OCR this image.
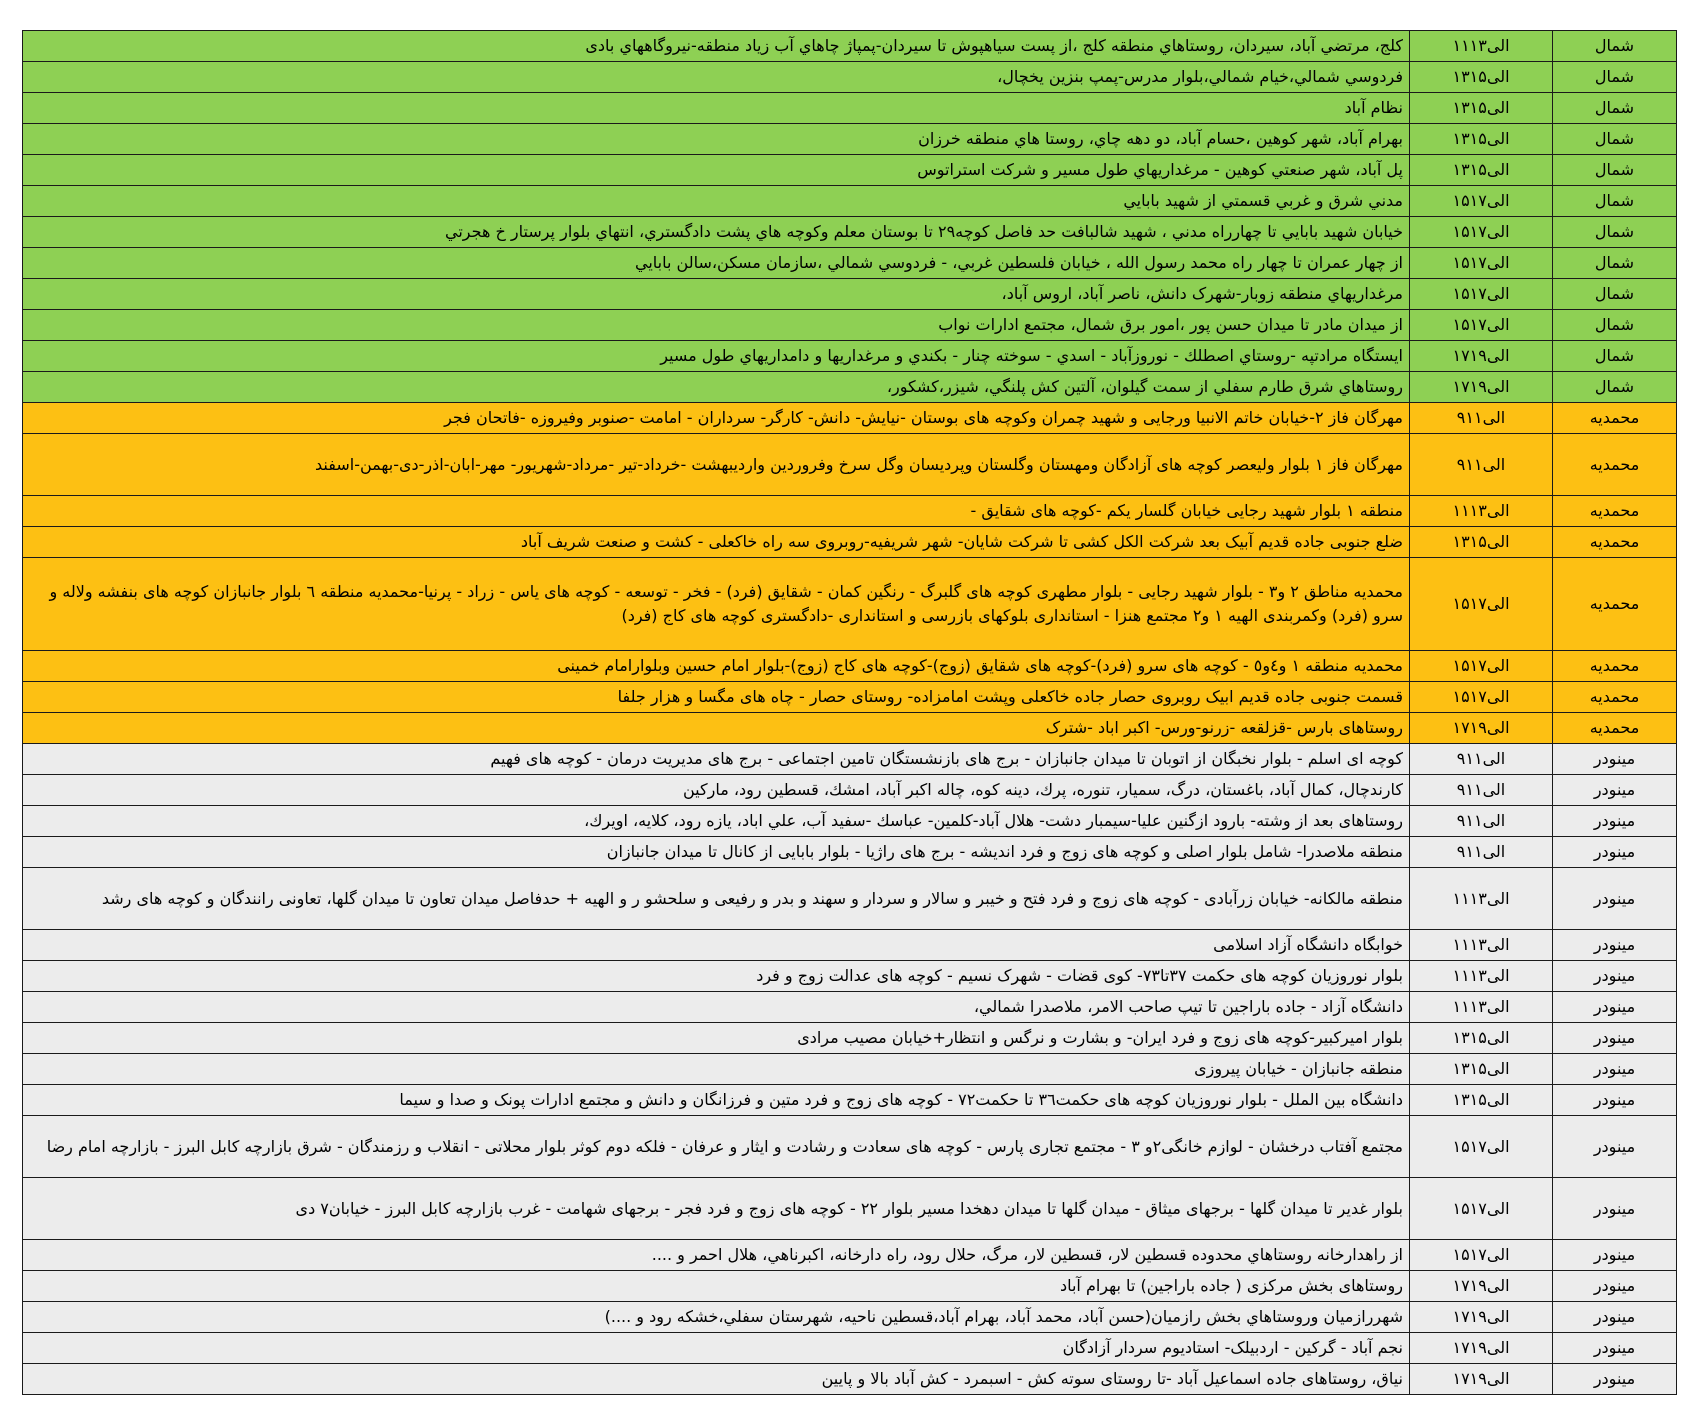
کلج، مرتضي آباد، سيردان، روستاهاي منطقه كلج ،از پست سياهپوش تا سيردان-پمپاژ چاهاي آب زياد منطقه-نيروگاههاي بادی	۱۱الی۱۳	شمال
فردوسي شمالي،خيام شمالي،بلوار مدرس-پمپ بنزين يخچال،	۱۳الی۱۵	شمال
نظام آباد	۱۳الی۱۵	شمال
بهرام آباد، شهر كوهين ،حسام آباد، دو دهه چاي، روستا هاي منطقه خرزان	۱۳الی۱۵	شمال
پل آباد، شهر صنعتي كوهين - مرغداريهاي طول مسير و شركت استراتوس	۱۳الی۱۵	شمال
مدني شرق و غربي قسمتي از شهيد بابايي	۱۵الی۱۷	شمال
خيابان شهيد بابايي تا چهارراه مدني ، شهيد شالبافت حد فاصل کوچه۲۹ تا بوستان معلم وكوچه هاي پشت دادگستري، انتهاي بلوار پرستار خ هجرتي	۱۵الی۱۷	شمال
از چهار عمران تا چهار راه محمد رسول الله ، خيابان فلسطين غربي، - فردوسي شمالي ،سازمان مسكن،سالن بابايي	۱۵الی۱۷	شمال
مرغداريهاي منطقه زوبار-شهرک دانش، ناصر آباد، اروس آباد،	۱۵الی۱۷	شمال
از ميدان مادر تا ميدان حسن پور ،امور برق شمال، مجتمع ادارات نواب	۱۵الی۱۷	شمال
ايستگاه مرادتپه -روستاي اصطلك - نوروزآباد - اسدي - سوخته چنار - بكندي و مرغداريها و دامداريهاي طول مسير	۱۷الی۱۹	شمال
روستاهاي شرق طارم سفلي از سمت گيلوان، آلتين كش پلنگي، شيزر،كشكور،	۱۷الی۱۹	شمال
مهرگان فاز ۲-خیابان خاتم الانبیا ورجایی و شهید چمران وکوچه های بوستان -نیایش- دانش- کارگر- سرداران - امامت -صنوبر وفیروزه -فاتحان فجر	۹الی۱۱	محمدیه
مهرگان فاز ۱ بلوار ولیعصر کوچه های آزادگان ومهستان وگلستان وپردیسان وگل سرخ وفروردین واردیبهشت -خرداد-تیر -مرداد-شهریور- مهر-ابان-اذر-دی-بهمن-اسفند	۹الی۱۱	محمدیه
منطقه ۱ بلوار شهید رجایی خیابان گلسار یکم -کوچه های شقایق -	۱۱الی۱۳	محمدیه
ضلع جنوبی جاده قدیم آبیک بعد شرکت الکل کشی تا شرکت شایان- شهر شریفیه-روبروی سه راه خاکعلی - کشت و صنعت شریف آباد	۱۳الی۱۵	محمدیه
محمدیه مناطق ۲ و۳ - بلوار شهید رجایی - بلوار مطهری کوچه های گلبرگ - رنگین کمان - شقایق (فرد) - فخر - توسعه - کوچه های یاس - زراد - پرنیا-محمدیه منطقه ٦ بلوار جانبازان کوچه های بنفشه ولاله و سرو (فرد) وکمربندی الهیه ۱ و۲ مجتمع هنزا - استانداری بلوکهای بازرسی و استانداری -دادگستری کوچه های کاج (فرد)	۱۵الی۱۷	محمدیه
محمدیه منطقه ۱ و٤و٥ - کوچه های سرو (فرد)-کوچه های شقایق (زوج)-کوچه های کاج (زوج)-بلوار امام حسین وبلوارامام خمینی	۱۵الی۱۷	محمدیه
قسمت جنوبی جاده قدیم ابیک روبروی حصار جاده خاکعلی وپشت امامزاده- روستای حصار - چاه های مگسا و هزار جلفا	۱۵الی۱۷	محمدیه
روستاهای بارس -قزلقعه -زرنو-ورس- اکبر اباد -شترک	۱۷الی۱۹	محمدیه
کوچه ای اسلم - بلوار نخبگان از اتوبان تا میدان جانبازان - برج های بازنشستگان تامین اجتماعی - برج های مدیریت درمان - کوچه های فهیم	۹الی۱۱	مینودر
كارندچال، كمال آباد، باغستان، درگ، سميار، تنوره، پرك، دينه كوه، چاله اكبر آباد، امشك، قسطين رود، ماركين	۹الی۱۱	مینودر
روستاهای بعد از وشته- بارود ازگنين عليا-سيمبار دشت- هلال آباد-كلمين- عباسك -سفيد آب، علي اباد، يازه رود، كلايه، اويرك،	۹الی۱۱	مینودر
منطقه ملاصدرا- شامل بلوار اصلی و کوچه های زوج و فرد اندیشه - برج های راژیا - بلوار بابایی از کانال تا میدان جانبازان	۹الی۱۱	مینودر
منطقه مالکانه- خیابان زرآبادی - کوچه های زوج و فرد فتح و خیبر و سالار و سردار و سهند و بدر و رفیعی و سلحشو ر و الهیه + حدفاصل میدان تعاون تا میدان گلها، تعاونی رانندگان و کوچه های رشد	۱۱الی۱۳	مینودر
خوابگاه دانشگاه آزاد اسلامی	۱۱الی۱۳	مینودر
بلوار نوروزیان کوچه های حکمت ۳۷تا۷۳- کوی قضات - شهرک نسیم - کوچه های عدالت زوج و فرد	۱۱الی۱۳	مینودر
دانشگاه آزاد - جاده باراجين تا تيپ صاحب الامر، ملاصدرا شمالي،	۱۱الی۱۳	مینودر
بلوار امیرکبیر-کوچه های زوج و فرد ایران- و بشارت و نرگس و انتظار+خیابان مصیب مرادی	۱۳الی۱۵	مینودر
منطقه جانبازان - خیابان پیروزی	۱۳الی۱۵	مینودر
دانشگاه بین الملل - بلوار نوروزیان کوچه های حکمت۳٦ تا حکمت۷۲ - کوچه های زوج و فرد متین و فرزانگان و دانش و مجتمع ادارات پونک و صدا و سیما	۱۳الی۱۵	مینودر
مجتمع آفتاب درخشان - لوازم خانگی۲و ۳ - مجتمع تجاری پارس - کوچه های سعادت و رشادت و ایثار و عرفان - فلکه دوم کوثر بلوار محلاتی - انقلاب و رزمندگان - شرق بازارچه کابل البرز - بازارچه امام رضا	۱۵الی۱۷	مینودر
بلوار غدیر تا میدان گلها - برجهای میثاق - میدان گلها تا میدان دهخدا مسیر بلوار ۲۲ - کوچه های زوج و فرد فجر - برجهای شهامت - غرب بازارچه کابل البرز - خیابان۷ دی	۱۵الی۱۷	مینودر
از راهدارخانه روستاهاي محدوده قسطين لار، قسطين لار، مرگ، حلال رود، راه دارخانه، اكبرناهي، هلال احمر و ....	۱۵الی۱۷	مینودر
روستاهای بخش مرکزی ( جاده باراجين) تا بهرام آباد	۱۷الی۱۹	مینودر
شهررازميان وروستاهاي بخش رازميان(حسن آباد، محمد آباد، بهرام آباد،قسطين ناحيه، شهرستان سفلي،خشكه رود و ....)	۱۷الی۱۹	مینودر
نجم آباد - گرکین - اردبیلک- استادیوم سردار آزادگان	۱۷الی۱۹	مینودر
نیاق، روستاهای جاده اسماعیل آباد -تا روستای سوته کش - اسبمرد - کش آباد بالا و پایین	۱۷الی۱۹	مینودر
